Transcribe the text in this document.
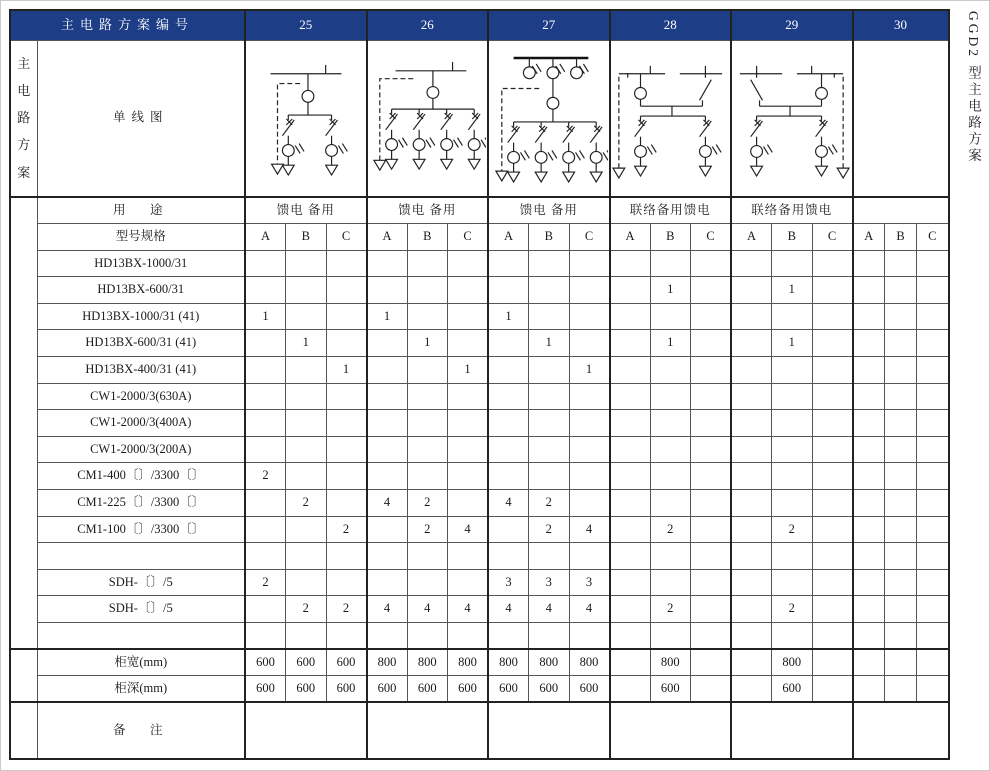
主电路方案编号		25			26			27			28			29			30		

主
电
路
方
案	单线图	

	用　途	馈电 备用			馈电 备用			馈电 备用			联络备用馈电			联络备用馈电					
	型号规格	A	B	C	A	B	C	A	B	C	A	B	C	A	B	C	A	B	C
	HD13BX-1000/31																		
	HD13BX-600/31											1			1				
	HD13BX-1000/31 (41)	1			1			1											
	HD13BX-600/31 (41)		1			1			1			1			1				
	HD13BX-400/31 (41)			1			1			1									
	CW1-2000/3(630A)																		
	CW1-2000/3(400A)																		
	CW1-2000/3(200A)																		
	CM1-400〔〕/3300〔〕	2																	
	CM1-225〔〕/3300〔〕		2		4	2		4	2										
	CM1-100〔〕/3300〔〕			2		2	4		2	4		2			2				

	SDH-〔〕/5	2						3	3	3									
	SDH-〔〕/5		2	2	4	4	4	4	4	4		2			2				

	柜宽(mm)	600	600	600	800	800	800	800	800	800		800			800				
	柜深(mm)	600	600	600	600	600	600	600	600	600		600			600				
	备　注																		
GGD2 型主电路方案
